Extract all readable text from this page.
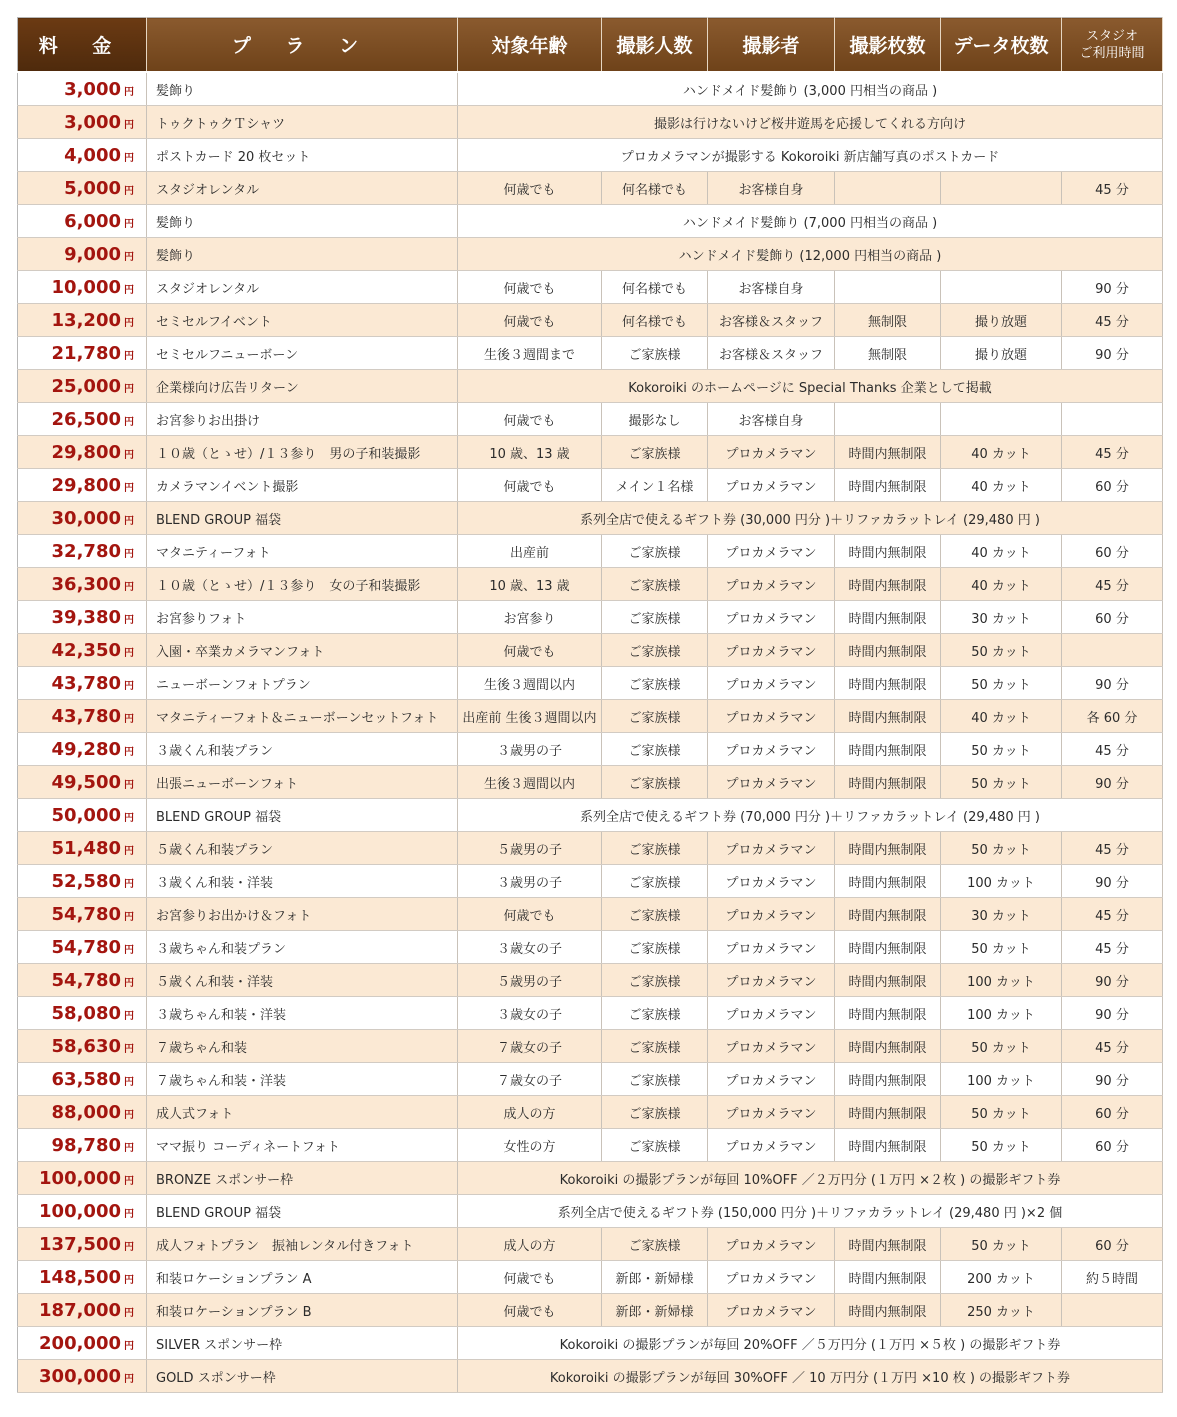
料 金	プ ラ ン	対象年齢	撮影人数	撮影者	撮影枚数	データ枚数	スタジオ
ご利用時間

3,000 円	髪飾り	ハンドメイド髪飾り (3,000 円相当の商品 )					
3,000 円	トゥクトゥクＴシャツ	撮影は行けないけど桜井遊馬を応援してくれる方向け					
4,000 円	ポストカード 20 枚セット	プロカメラマンが撮影する Kokoroiki 新店舗写真のポストカード					
5,000 円	スタジオレンタル	何歳でも	何名様でも	お客様自身			45 分
6,000 円	髪飾り	ハンドメイド髪飾り (7,000 円相当の商品 )					
9,000 円	髪飾り	ハンドメイド髪飾り (12,000 円相当の商品 )					
10,000 円	スタジオレンタル	何歳でも	何名様でも	お客様自身			90 分
13,200 円	セミセルフイベント	何歳でも	何名様でも	お客様＆スタッフ	無制限	撮り放題	45 分
21,780 円	セミセルフニューボーン	生後３週間まで	ご家族様	お客様＆スタッフ	無制限	撮り放題	90 分
25,000 円	企業様向け広告リターン	Kokoroiki のホームページに Special Thanks 企業として掲載					
26,500 円	お宮参りお出掛け	何歳でも	撮影なし	お客様自身			
29,800 円	１０歳（とゝせ）/１３参り　男の子和装撮影	10 歳、13 歳	ご家族様	プロカメラマン	時間内無制限	40 カット	45 分
29,800 円	カメラマンイベント撮影	何歳でも	メイン１名様	プロカメラマン	時間内無制限	40 カット	60 分
30,000 円	BLEND GROUP 福袋	系列全店で使えるギフト券 (30,000 円分 )＋リファカラットレイ (29,480 円 )					
32,780 円	マタニティーフォト	出産前	ご家族様	プロカメラマン	時間内無制限	40 カット	60 分
36,300 円	１０歳（とゝせ）/１３参り　女の子和装撮影	10 歳、13 歳	ご家族様	プロカメラマン	時間内無制限	40 カット	45 分
39,380 円	お宮参りフォト	お宮参り	ご家族様	プロカメラマン	時間内無制限	30 カット	60 分
42,350 円	入園・卒業カメラマンフォト	何歳でも	ご家族様	プロカメラマン	時間内無制限	50 カット	
43,780 円	ニューボーンフォトプラン	生後３週間以内	ご家族様	プロカメラマン	時間内無制限	50 カット	90 分
43,780 円	マタニティーフォト＆ニューボーンセットフォト	出産前 生後３週間以内	ご家族様	プロカメラマン	時間内無制限	40 カット	各 60 分
49,280 円	３歳くん和装プラン	３歳男の子	ご家族様	プロカメラマン	時間内無制限	50 カット	45 分
49,500 円	出張ニューボーンフォト	生後３週間以内	ご家族様	プロカメラマン	時間内無制限	50 カット	90 分
50,000 円	BLEND GROUP 福袋	系列全店で使えるギフト券 (70,000 円分 )＋リファカラットレイ (29,480 円 )					
51,480 円	５歳くん和装プラン	５歳男の子	ご家族様	プロカメラマン	時間内無制限	50 カット	45 分
52,580 円	３歳くん和装・洋装	３歳男の子	ご家族様	プロカメラマン	時間内無制限	100 カット	90 分
54,780 円	お宮参りお出かけ＆フォト	何歳でも	ご家族様	プロカメラマン	時間内無制限	30 カット	45 分
54,780 円	３歳ちゃん和装プラン	３歳女の子	ご家族様	プロカメラマン	時間内無制限	50 カット	45 分
54,780 円	５歳くん和装・洋装	５歳男の子	ご家族様	プロカメラマン	時間内無制限	100 カット	90 分
58,080 円	３歳ちゃん和装・洋装	３歳女の子	ご家族様	プロカメラマン	時間内無制限	100 カット	90 分
58,630 円	７歳ちゃん和装	７歳女の子	ご家族様	プロカメラマン	時間内無制限	50 カット	45 分
63,580 円	７歳ちゃん和装・洋装	７歳女の子	ご家族様	プロカメラマン	時間内無制限	100 カット	90 分
88,000 円	成人式フォト	成人の方	ご家族様	プロカメラマン	時間内無制限	50 カット	60 分
98,780 円	ママ振り コーディネートフォト	女性の方	ご家族様	プロカメラマン	時間内無制限	50 カット	60 分
100,000 円	BRONZE スポンサー枠	Kokoroiki の撮影プランが毎回 10%OFF ／２万円分 (１万円 ×２枚 ) の撮影ギフト券					
100,000 円	BLEND GROUP 福袋	系列全店で使えるギフト券 (150,000 円分 )＋リファカラットレイ (29,480 円 )×2 個					
137,500 円	成人フォトプラン　振袖レンタル付きフォト	成人の方	ご家族様	プロカメラマン	時間内無制限	50 カット	60 分
148,500 円	和装ロケーションプラン A	何歳でも	新郎・新婦様	プロカメラマン	時間内無制限	200 カット	約５時間
187,000 円	和装ロケーションプラン B	何歳でも	新郎・新婦様	プロカメラマン	時間内無制限	250 カット	
200,000 円	SILVER スポンサー枠	Kokoroiki の撮影プランが毎回 20%OFF ／５万円分 (１万円 ×５枚 ) の撮影ギフト券					
300,000 円	GOLD スポンサー枠	Kokoroiki の撮影プランが毎回 30%OFF ／ 10 万円分 (１万円 ×10 枚 ) の撮影ギフト券					
